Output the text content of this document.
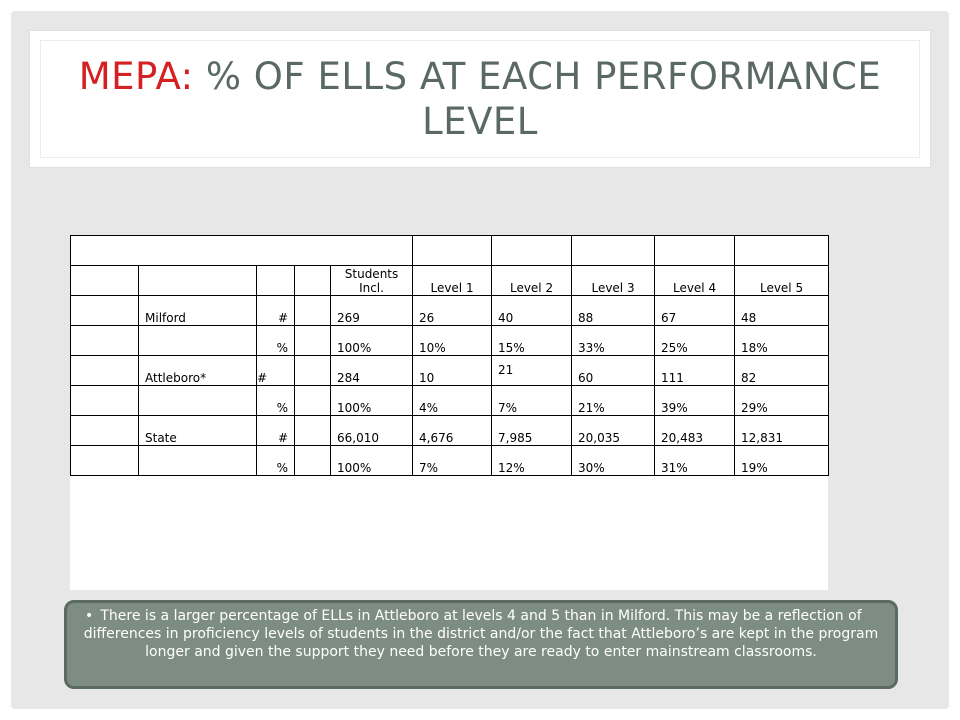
MEPA: % OF ELLS AT EACH PERFORMANCE LEVEL

				Students Incl.	Level 1	Level 2	Level 3	Level 4	Level 5
	Milford	#		269	26	40	88	67	48
		%		100%	10%	15%	33%	25%	18%
	Attleboro*	#		284	10	21	60	111	82
		%		100%	4%	7%	21%	39%	29%
	State	#		66,010	4,676	7,985	20,035	20,483	12,831
		%		100%	7%	12%	30%	31%	19%
• There is a larger percentage of ELLs in Attleboro at levels 4 and 5 than in Milford. This may be a reflection of differences in proficiency levels of students in the district and/or the fact that Attleboro’s are kept in the program longer and given the support they need before they are ready to enter mainstream classrooms.
